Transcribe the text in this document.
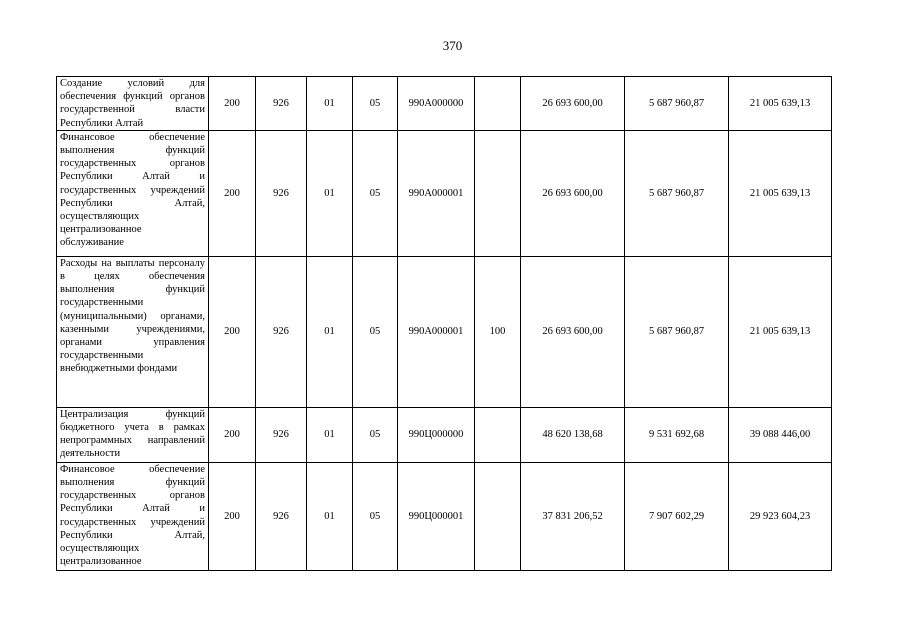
370
Создание условий для обеспечения функций органов государственной власти Республики Алтай	200	926	01	05	990А000000		26 693 600,00	5 687 960,87	21 005 639,13
Финансовое обеспечение выполнения функций государственных органов Республики Алтай и государственных учреждений Республики Алтай, осуществляющих централизованное обслуживание	200	926	01	05	990А000001		26 693 600,00	5 687 960,87	21 005 639,13
Расходы на выплаты персоналу в целях обеспечения выполнения функций государственными (муниципальными) органами, казенными учреждениями, органами управления государственными внебюджетными фондами	200	926	01	05	990А000001	100	26 693 600,00	5 687 960,87	21 005 639,13
Централизация функций бюджетного учета в рамках непрограммных направлений деятельности	200	926	01	05	990Ц000000		48 620 138,68	9 531 692,68	39 088 446,00
Финансовое обеспечение выполнения функций государственных органов Республики Алтай и государственных учреждений Республики Алтай, осуществляющих централизованное	200	926	01	05	990Ц000001		37 831 206,52	7 907 602,29	29 923 604,23
